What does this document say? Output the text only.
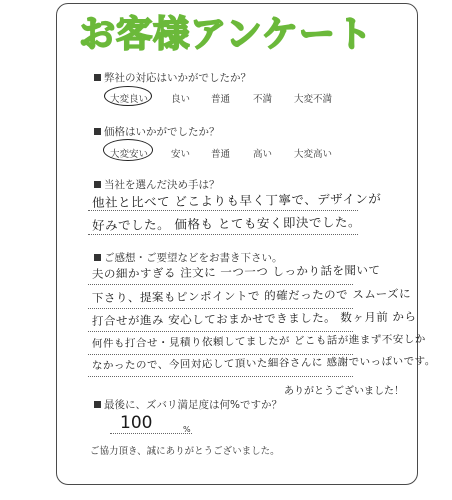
お客様アンケート
弊社の対応はいかがでしたか？
大変良い 良い 普通 不満 大変不満
価格はいかがでしたか？
大変安い 安い 普通 高い 大変高い
当社を選んだ決め手は？
他社と比べて どこよりも早く丁寧で、デザインが
好みでした。 価格も とても安く即決でした。
ご感想・ご要望などをお書き下さい。
夫の細かすぎる 注文に 一つ一つ しっかり話を聞いて
下さり、提案もピンポイントで 的確だったので スムーズに
打合せが進み 安心しておまかせできました。 数ヶ月前 から
何件も打合せ・見積り依頼してましたが どこも話が進まず不安しか
なかったので、今回対応して頂いた細谷さんに 感謝でいっぱいです。
ありがとうございました！
最後に、ズバリ満足度は何%ですか？
100	%
ご協力頂き、誠にありがとうございました。
